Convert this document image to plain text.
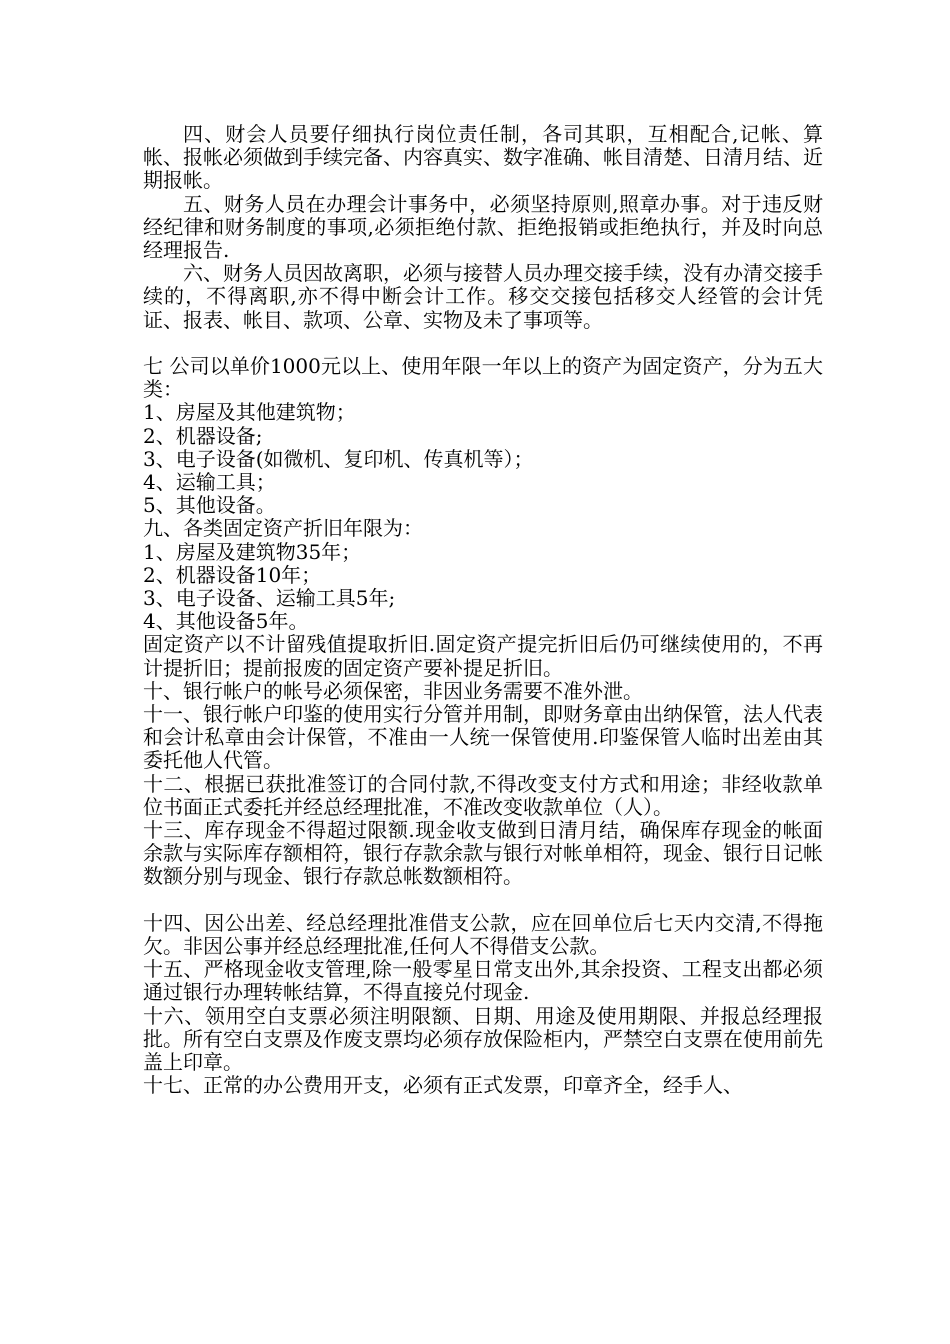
四、财会人员要仔细执行岗位责任制，各司其职，互相配合,记帐、算帐、报帐必须做到手续完备、内容真实、数字准确、帐目清楚、日清月结、近期报帐。

五、财务人员在办理会计事务中，必须坚持原则,照章办事。对于违反财经纪律和财务制度的事项,必须拒绝付款、拒绝报销或拒绝执行，并及时向总经理报告.

六、财务人员因故离职，必须与接替人员办理交接手续，没有办清交接手续的，不得离职,亦不得中断会计工作。移交交接包括移交人经管的会计凭证、报表、帐目、款项、公章、实物及未了事项等。

七 公司以单价1000元以上、使用年限一年以上的资产为固定资产，分为五大类：

1、房屋及其他建筑物；

2、机器设备;

3、电子设备(如微机、复印机、传真机等）；

4、运输工具；

5、其他设备。

九、各类固定资产折旧年限为：

1、房屋及建筑物35年；

2、机器设备10年；

3、电子设备、运输工具5年;

4、其他设备5年。

固定资产以不计留残值提取折旧.固定资产提完折旧后仍可继续使用的，不再计提折旧；提前报废的固定资产要补提足折旧。

十、银行帐户的帐号必须保密，非因业务需要不准外泄。

十一、银行帐户印鉴的使用实行分管并用制，即财务章由出纳保管，法人代表和会计私章由会计保管，不准由一人统一保管使用.印鉴保管人临时出差由其委托他人代管。

十二、根据已获批准签订的合同付款,不得改变支付方式和用途；非经收款单位书面正式委托并经总经理批准，不准改变收款单位（人）。

十三、库存现金不得超过限额.现金收支做到日清月结，确保库存现金的帐面余款与实际库存额相符，银行存款余款与银行对帐单相符，现金、银行日记帐数额分别与现金、银行存款总帐数额相符。

十四、因公出差、经总经理批准借支公款，应在回单位后七天内交清,不得拖欠。非因公事并经总经理批准,任何人不得借支公款。

十五、严格现金收支管理,除一般零星日常支出外,其余投资、工程支出都必须通过银行办理转帐结算，不得直接兑付现金.

十六、领用空白支票必须注明限额、日期、用途及使用期限、并报总经理报批。所有空白支票及作废支票均必须存放保险柜内，严禁空白支票在使用前先盖上印章。

十七、正常的办公费用开支，必须有正式发票，印章齐全，经手人、
